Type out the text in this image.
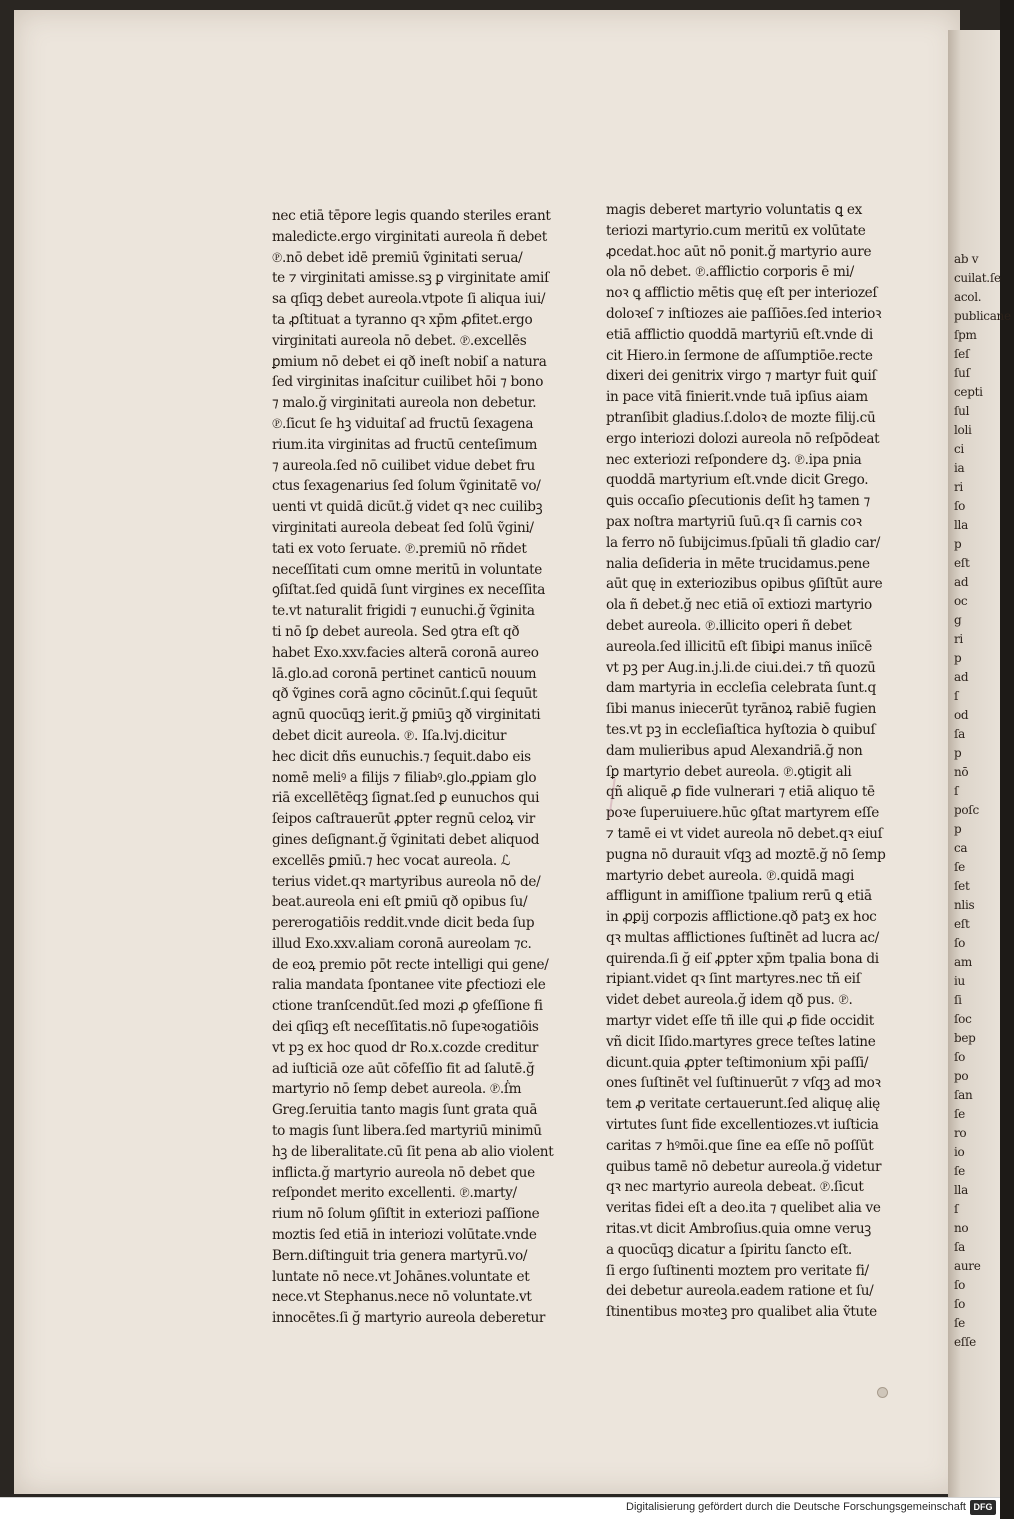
nec etiā tēpore legis quando steriles erant
maledicte.ergo virginitati aureola ñ debet
℗.nō debet idē premiū ṽginitati serua/
te ⁊ virginitati amisse.sꝫ ꝑ virginitate amiſ
sa qſiqꝫ debet aureola.vtpote ſi aliqua iui/
ta ꝓſtituat a tyranno qꝛ xp̄m ꝓfitet.ergo
virginitati aureola nō debet. ℗.excellēs
ꝑmium nō debet ei qð ineſt nobiſ a natura
ſed virginitas inaſcitur cuilibet hōi ⁊ bono
⁊ malo.ğ virginitati aureola non debetur.
℗.ſicut ſe hꝫ viduitaſ ad fructū ſexagena
rium.ita virginitas ad fructū centeſimum
⁊ aureola.ſed nō cuilibet vidue debet fru
ctus ſexagenarius ſed ſolum ṽginitatē vo/
uenti vt quidā dicūt.ğ videt qꝛ nec cuilibꝫ
virginitati aureola debeat ſed ſolū ṽgini/
tati ex voto ſeruate. ℗.premiū nō rñdet
neceſſitati cum omne meritū in voluntate
ꝯſiſtat.ſed quidā ſunt virgines ex neceſſita
te.vt naturalit frigidi ⁊ eunuchi.ğ ṽginita
ti nō ſꝑ debet aureola. Sed ꝯtra eſt qð
habet Exo.xxv.facies alterā coronā aureo
lā.glo.ad coronā pertinet canticū nouum
qð ṽgines corā agno cōcinūt.ſ.qui ſequūt
agnū quocūqꝫ ierit.ğ ꝑmiūꝫ qð virginitati
debet dicit aureola. ℗. Iſa.lvj.dicitur
hec dicit dñs eunuchis.⁊ ſequit.dabo eis
nomē meliꝰ a filijs ⁊ filiabꝰ.glo.ꝓꝑiam glo
riā excellētēqꝫ ſignat.ſed ꝑ eunuchos qui
ſeipos caſtrauerūt ꝓpter regnū celoꝝ vir
gines deſignant.ğ ṽginitati debet aliquod
excellēs ꝑmiū.⁊ hec vocat aureola. ℒ
terius videt.qꝛ martyribus aureola nō de/
beat.aureola eni eſt ꝑmiū qð opibus ſu/
pererogatiōis reddit.vnde dicit beda ſup
illud Exo.xxv.aliam coronā aureolam ⁊c.
de eoꝝ premio pōt recte intelligi qui gene/
ralia mandata ſpontanee vite ꝑfectiozi ele
ctione tranſcendūt.ſed mozi ꝓ ꝯfeſſione fi
dei qſiqꝫ eſt neceſſitatis.nō ſupeꝛogatiōis
vt pꝫ ex hoc quod dr Ro.x.cozde creditur
ad iuſticiā oze aūt cōfeſſio fit ad ſalutē.ğ
martyrio nō ſemp debet aureola. ℗.ẛm
Greg.ſeruitia tanto magis ſunt grata quā
to magis ſunt libera.ſed martyriū minimū
hꝫ de liberalitate.cū ſit pena ab alio violent
inflicta.ğ martyrio aureola nō debet que
reſpondet merito excellenti. ℗.marty/
rium nō ſolum ꝯſiſtit in exteriozi paſſione
moztis ſed etiā in interiozi volūtate.vnde
Bern.diſtinguit tria genera martyrū.vo/
luntate nō nece.vt Johānes.voluntate et
nece.vt Stephanus.nece nō voluntate.vt
innocētes.ſi ğ martyrio aureola deberetur
magis deberet martyrio voluntatis ꝗ ex
teriozi martyrio.cum meritū ex volūtate
ꝓcedat.hoc aūt nō ponit.ğ martyrio aure
ola nō debet. ℗.afflictio corporis ē mi/
noꝛ ꝗ afflictio mētis quę eſt per interiozeſ
doloꝛeſ ⁊ inſtiozes aie paſſiōes.ſed interioꝛ
etiā afflictio quoddā martyriū eſt.vnde di
cit Hiero.in ſermone de aſſumptiōe.recte
dixeri dei genitrix virgo ⁊ martyr fuit ꝗuiſ
in pace vitā finierit.vnde tuā ipſius aiam
ptranſibit gladius.ſ.doloꝛ de mozte filij.cū
ergo interiozi dolozi aureola nō reſpōdeat
nec exteriozi reſpondere dꝫ. ℗.ipa pnia
quoddā martyrium eſt.vnde dicit Grego.
ꝗuis occaſio ꝑſecutionis deſit hꝫ tamen ⁊
pax noſtra martyriū ſuū.qꝛ ſi carnis coꝛ
la ferro nō ſubijcimus.ſpūali tñ gladio car/
nalia deſideria in mēte trucidamus.pene
aūt quę in exteriozibus opibus ꝯſiſtūt aure
ola ñ debet.ğ nec etiā oī extiozi martyrio
debet aureola. ℗.illicito operi ñ debet
aureola.ſed illicitū eſt ſibiꝑi manus iniīcē
vt pꝫ per Aug.in.j.li.de ciui.dei.⁊ tñ quozū
dam martyria in eccleſia celebrata ſunt.q
ſibi manus iniecerūt tyrānoꝝ rabiē fugien
tes.vt pꝫ in eccleſiaſtica hyſtozia ꝺ quibuſ
dam mulieribus apud Alexandriā.ğ non
ſꝑ martyrio debet aureola. ℗.ꝯtigit ali
qñ aliquē ꝓ fide vulnerari ⁊ etiā aliquo tē
poꝛe ſuperuiuere.hūc ꝯſtat martyrem eſſe
⁊ tamē ei vt videt aureola nō debet.qꝛ eiuſ
pugna nō durauit vſqꝫ ad moztē.ğ nō ſemp
martyrio debet aureola. ℗.quidā magi
affligunt in amiſſione tpalium rerū ꝗ etiā
in ꝓꝑij corpozis afflictione.qð patꝫ ex hoc
qꝛ multas afflictiones ſuſtinēt ad lucra ac/
quirenda.ſi ğ eiſ ꝓpter xp̄m tpalia bona di
ripiant.videt qꝛ ſint martyres.nec tñ eiſ
videt debet aureola.ğ idem qð pus. ℗.
martyr videt eſſe tñ ille qui ꝓ fide occidit
vñ dicit Iſido.martyres grece teſtes latine
dicunt.quia ꝓpter teſtimonium xp̄i paſſi/
ones ſuſtinēt vel ſuſtinuerūt ⁊ vſqꝫ ad moꝛ
tem ꝓ veritate certauerunt.ſed aliquę alię
virtutes ſunt fide excellentiozes.vt iuſticia
caritas ⁊ hꝰmōi.que ſine ea eſſe nō poſſūt
quibus tamē nō debetur aureola.ğ videtur
qꝛ nec martyrio aureola debeat. ℗.ſicut
veritas fidei eſt a deo.ita ⁊ quelibet alia ve
ritas.vt dicit Ambroſius.quia omne veruꝫ
a quocūqꝫ dicatur a ſpiritu ſancto eſt.
ſi ergo ſuſtinenti moztem pro veritate fi/
dei debetur aureola.eadem ratione et ſu/
ſtinentibus moꝛteꝫ pro qualibet alia ṽtute
ab v
cuilat.ſe
acol.
publicane
ſpm
ſeſ
ſuſ
cepti
ſul
loli
ci
ia
ri
ſo
lla
p
eſt
ad
oc
g
ri
p
ad
ſ
od
ſa
p
nō
ſ
poſc
p
ca
ſe
ſet
nlis
eſt
ſo
am
iu
ſi
ſoc
bep
ſo
po
ſan
ſe
ro
io
ſe
lla
ſ
no
ſa
aure
ſo
ſo
ſe
eſſe
Digitalisierung gefördert durch die Deutsche Forschungsgemeinschaft DFG
